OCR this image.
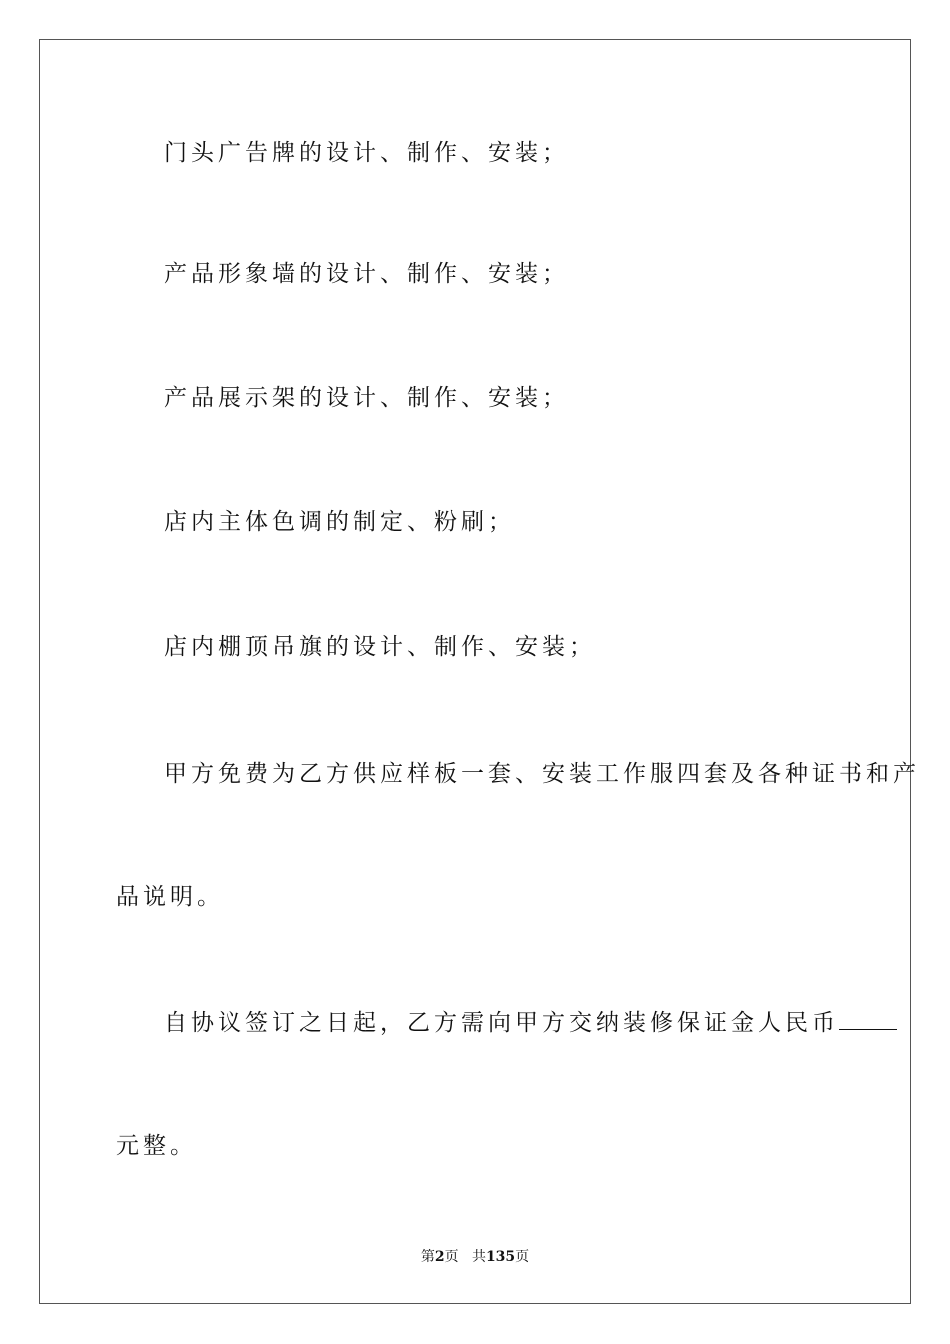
门头广告牌的设计、制作、安装；
产品形象墙的设计、制作、安装；
产品展示架的设计、制作、安装；
店内主体色调的制定、粉刷；
店内棚顶吊旗的设计、制作、安装；
甲方免费为乙方供应样板一套、安装工作服四套及各种证书和产
品说明。
自协议签订之日起，乙方需向甲方交纳装修保证金人民币
元整。
第2页 共135页
